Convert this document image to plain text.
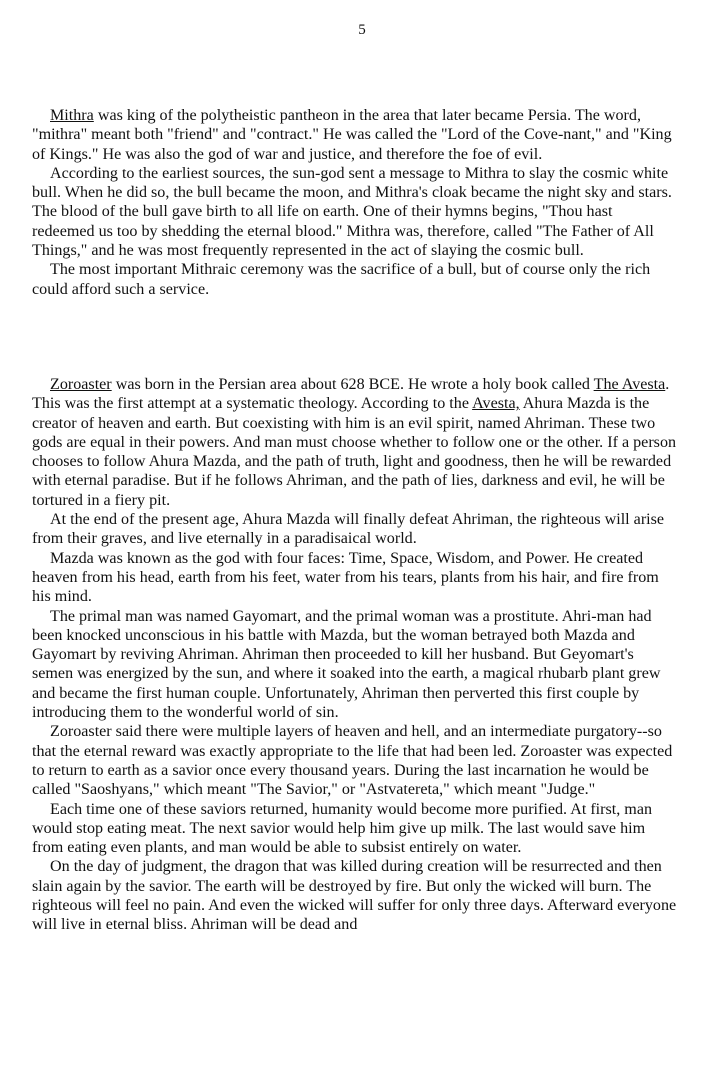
5

Mithra was king of the polytheistic pantheon in the area that later became Persia. The word, "mithra" meant both "friend" and "contract." He was called the "Lord of the Cove-nant," and "King of Kings." He was also the god of war and justice, and therefore the foe of evil.

According to the earliest sources, the sun-god sent a message to Mithra to slay the cosmic white bull. When he did so, the bull became the moon, and Mithra's cloak became the night sky and stars. The blood of the bull gave birth to all life on earth. One of their hymns begins, "Thou hast redeemed us too by shedding the eternal blood." Mithra was, therefore, called "The Father of All Things," and he was most frequently represented in the act of slaying the cosmic bull.

The most important Mithraic ceremony was the sacrifice of a bull, but of course only the rich could afford such a service.

Zoroaster was born in the Persian area about 628 BCE. He wrote a holy book called The Avesta. This was the first attempt at a systematic theology. According to the Avesta, Ahura Mazda is the creator of heaven and earth. But coexisting with him is an evil spirit, named Ahriman. These two gods are equal in their powers. And man must choose whether to follow one or the other. If a person chooses to follow Ahura Mazda, and the path of truth, light and goodness, then he will be rewarded with eternal paradise. But if he follows Ahriman, and the path of lies, darkness and evil, he will be tortured in a fiery pit.

At the end of the present age, Ahura Mazda will finally defeat Ahriman, the righteous will arise from their graves, and live eternally in a paradisaical world.

Mazda was known as the god with four faces: Time, Space, Wisdom, and Power. He created heaven from his head, earth from his feet, water from his tears, plants from his hair, and fire from his mind.

The primal man was named Gayomart, and the primal woman was a prostitute. Ahri-man had been knocked unconscious in his battle with Mazda, but the woman betrayed both Mazda and Gayomart by reviving Ahriman. Ahriman then proceeded to kill her husband. But Geyomart's semen was energized by the sun, and where it soaked into the earth, a magical rhubarb plant grew and became the first human couple. Unfortunately, Ahriman then perverted this first couple by introducing them to the wonderful world of sin.

Zoroaster said there were multiple layers of heaven and hell, and an intermediate purgatory--so that the eternal reward was exactly appropriate to the life that had been led. Zoroaster was expected to return to earth as a savior once every thousand years. During the last incarnation he would be called "Saoshyans," which meant "The Savior," or "Astvatereta," which meant "Judge."

Each time one of these saviors returned, humanity would become more purified. At first, man would stop eating meat. The next savior would help him give up milk. The last would save him from eating even plants, and man would be able to subsist entirely on water.

On the day of judgment, the dragon that was killed during creation will be resurrected and then slain again by the savior. The earth will be destroyed by fire. But only the wicked will burn. The righteous will feel no pain. And even the wicked will suffer for only three days. Afterward everyone will live in eternal bliss. Ahriman will be dead and
